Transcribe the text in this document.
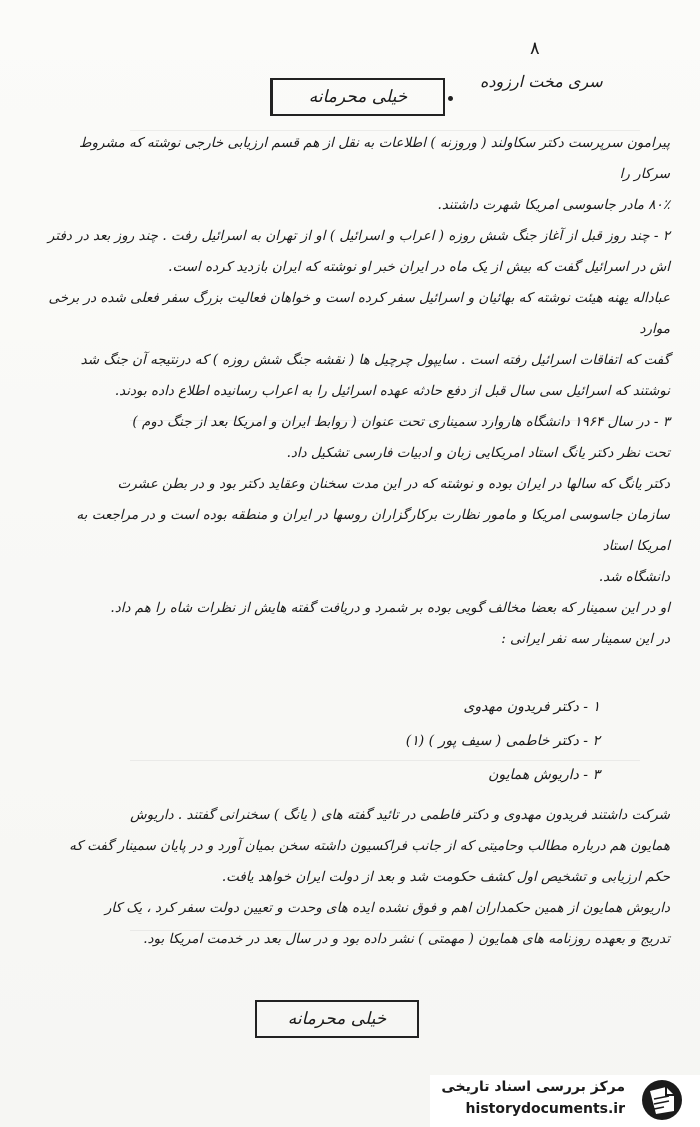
۸
سری مخت ارزوده
خیلی محرمانه

پیرامون سرپرست دکتر سکاولند ( وروزنه ) اطلاعات به نقل از هم قسم ارزیابی خارجی نوشته که مشروط سرکار را

۸۰٪ مادر جاسوسی امریکا شهرت داشتند.

۲ - چند روز قبل از آغاز جنگ شش روزه ( اعراب و اسرائیل ) او از تهران به اسرائیل رفت . چند روز بعد در دفتر

اش در اسرائیل گفت که بیش از یک ماه در ایران خبر او نوشته که ایران بازدید کرده است.

عباداله یهنه هیئت نوشته که بهائیان و اسرائیل سفر کرده است و خواهان فعالیت بزرگ سفر فعلی شده در برخی موارد

گفت که اتفاقات اسرائیل رفته است . سایپول چرچیل ها ( نقشه جنگ شش روزه ) که درنتیجه آن جنگ شد

نوشتند که اسرائیل سی سال قبل از دفع حادثه عهده اسرائیل را به اعراب رسانیده اطلاع داده بودند.

۳ - در سال ۱۹۶۴ دانشگاه هاروارد سمیناری تحت عنوان ( روابط ایران و امریکا بعد از جنگ دوم )

تحت نظر دکتر یانگ استاد امریکایی زبان و ادبیات فارسی تشکیل داد.

دکتر یانگ که سالها در ایران بوده و نوشته که در این مدت سخنان وعقاید دکتر بود و در بطن عشرت

سازمان جاسوسی امریکا و مامور نظارت برکارگزاران روسها در ایران و منطقه بوده است و در مراجعت به امریکا استاد

دانشگاه شد.

او در این سمینار که بعضا مخالف گویی بوده بر شمرد و دریافت گفته هایش از نظرات شاه را هم داد.

در این سمینار سه نفر ایرانی :

۱ - دکتر فریدون مهدوی
۲ - دکتر خاطمی ( سیف پور ) (۱)
۳ - داریوش همایون

شرکت داشتند فریدون مهدوی و دکتر فاطمی در تائید گفته های ( یانگ ) سخنرانی گفتند . داریوش

همایون هم درباره مطالب وحامیتی که از جانب فراکسیون داشته سخن بمیان آورد و در پایان سمینار گفت که

حکم ارزیابی و تشخیص اول کشف حکومت شد و بعد از دولت ایران خواهد یافت.

داریوش همایون از همین حکمداران اهم و فوق نشده ایده های وحدت و تعیین دولت سفر کرد ، یک کار

تدریج و بعهده روزنامه های همایون ( مهمتی ) نشر داده بود و در سال بعد در خدمت امریکا بود.

خیلی محرمانه
مرکز بررسی اسناد تاریخی
historydocuments.ir
